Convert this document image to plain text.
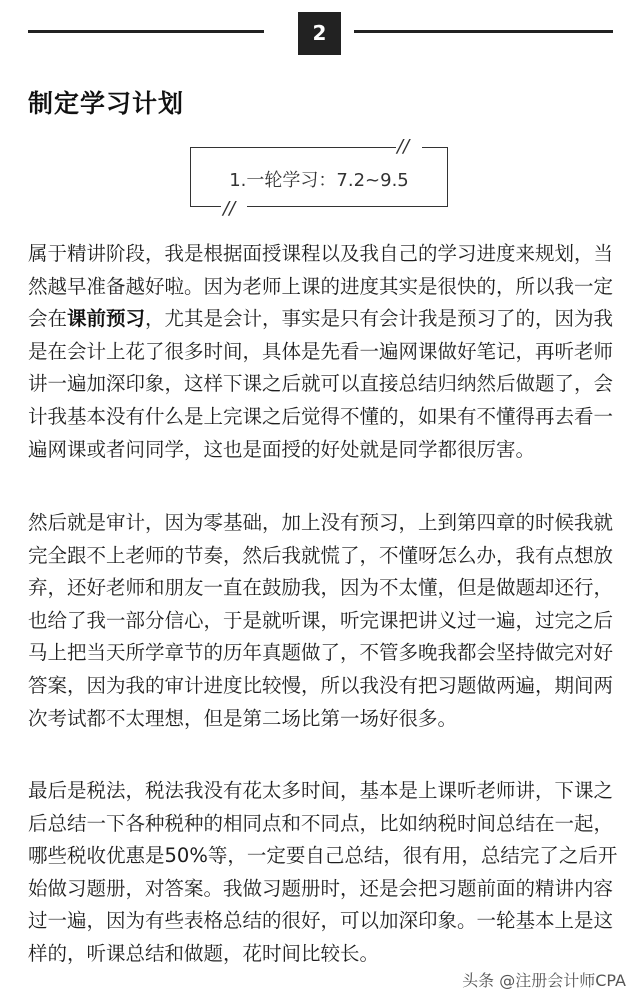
2
制定学习计划
//
1.一轮学习：7.2~9.5
//
属于精讲阶段，我是根据面授课程以及我自己的学习进度来规划，当然越早准备越好啦。因为老师上课的进度其实是很快的，所以我一定会在课前预习，尤其是会计，事实是只有会计我是预习了的，因为我是在会计上花了很多时间，具体是先看一遍网课做好笔记，再听老师讲一遍加深印象，这样下课之后就可以直接总结归纳然后做题了，会计我基本没有什么是上完课之后觉得不懂的，如果有不懂得再去看一遍网课或者问同学，这也是面授的好处就是同学都很厉害。
然后就是审计，因为零基础，加上没有预习，上到第四章的时候我就完全跟不上老师的节奏，然后我就慌了，不懂呀怎么办，我有点想放弃，还好老师和朋友一直在鼓励我，因为不太懂，但是做题却还行，也给了我一部分信心，于是就听课，听完课把讲义过一遍，过完之后马上把当天所学章节的历年真题做了，不管多晚我都会坚持做完对好答案，因为我的审计进度比较慢，所以我没有把习题做两遍，期间两次考试都不太理想，但是第二场比第一场好很多。
最后是税法，税法我没有花太多时间，基本是上课听老师讲，下课之后总结一下各种税种的相同点和不同点，比如纳税时间总结在一起，哪些税收优惠是50%等，一定要自己总结，很有用，总结完了之后开始做习题册，对答案。我做习题册时，还是会把习题前面的精讲内容过一遍，因为有些表格总结的很好，可以加深印象。一轮基本上是这样的，听课总结和做题，花时间比较长。
头条 @注册会计师CPA
